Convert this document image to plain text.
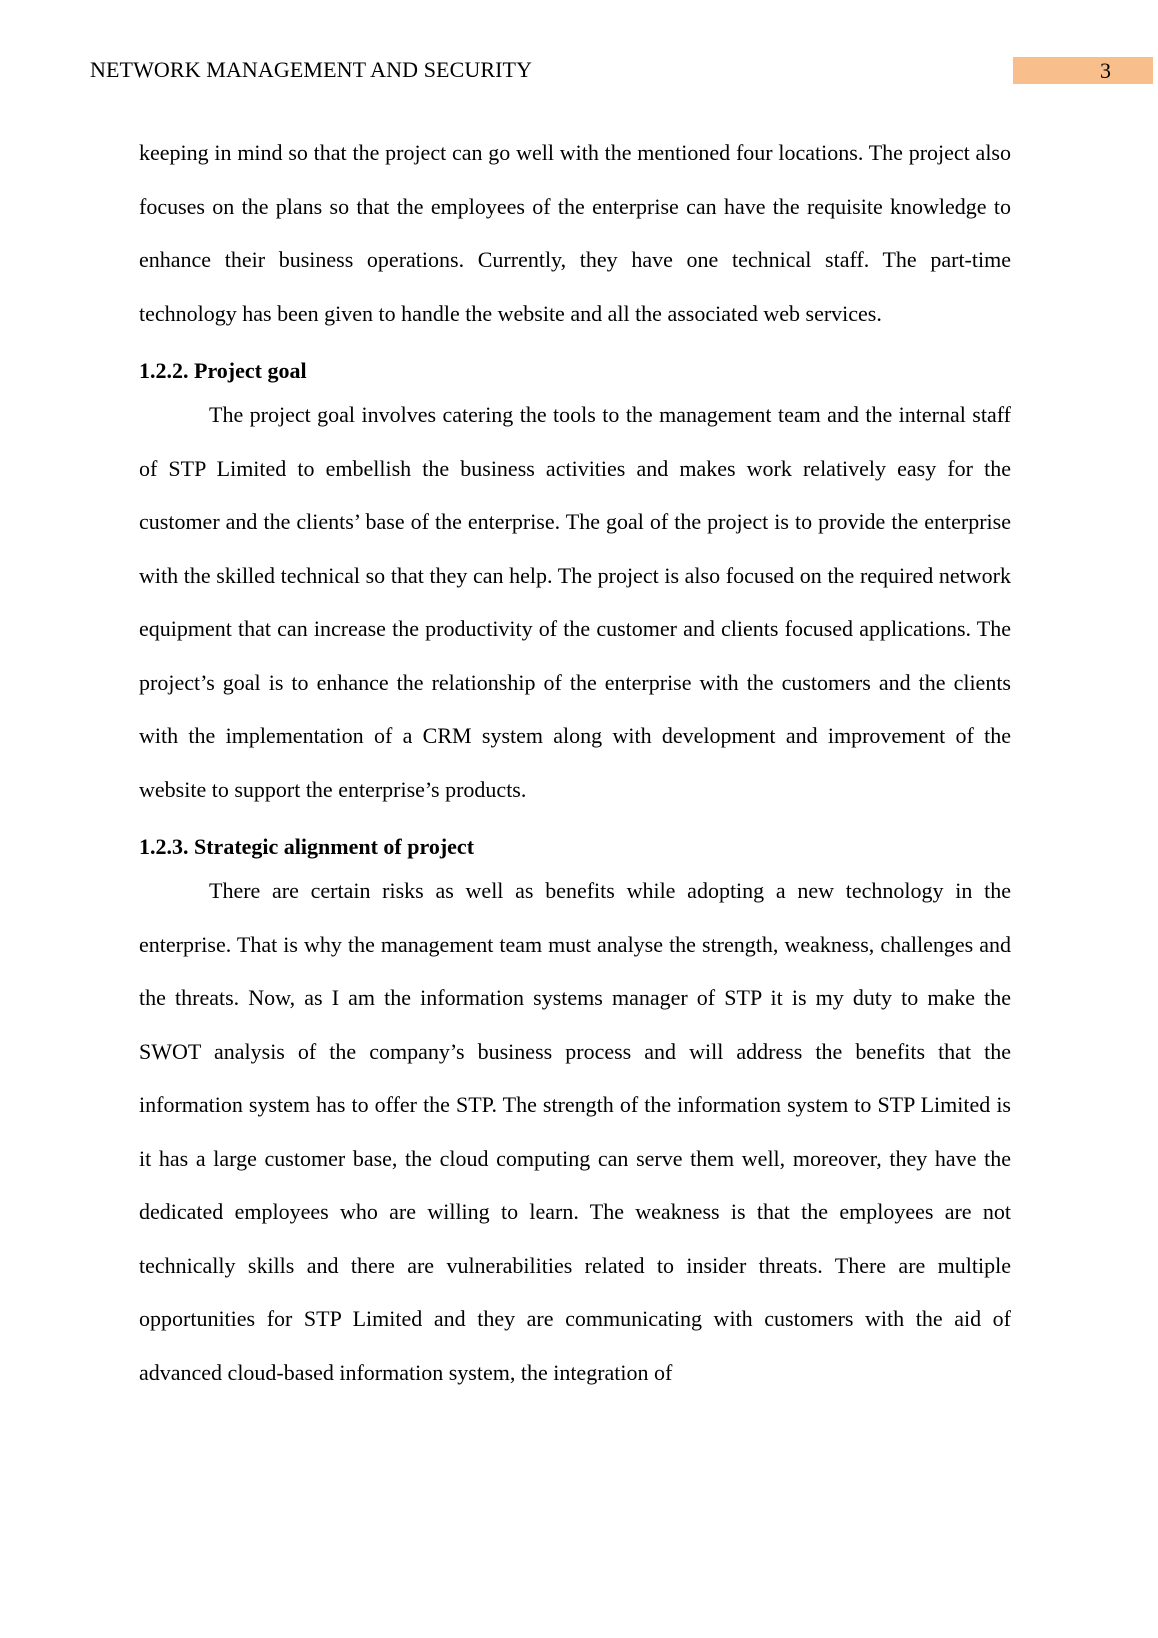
NETWORK MANAGEMENT AND SECURITY	3

keeping in mind so that the project can go well with the mentioned four locations. The project also focuses on the plans so that the employees of the enterprise can have the requisite knowledge to enhance their business operations. Currently, they have one technical staff. The part-time technology has been given to handle the website and all the associated web services.

1.2.2. Project goal

The project goal involves catering the tools to the management team and the internal staff of STP Limited to embellish the business activities and makes work relatively easy for the customer and the clients’ base of the enterprise. The goal of the project is to provide the enterprise with the skilled technical so that they can help. The project is also focused on the required network equipment that can increase the productivity of the customer and clients focused applications. The project’s goal is to enhance the relationship of the enterprise with the customers and the clients with the implementation of a CRM system along with development and improvement of the website to support the enterprise’s products.

1.2.3. Strategic alignment of project

There are certain risks as well as benefits while adopting a new technology in the enterprise. That is why the management team must analyse the strength, weakness, challenges and the threats. Now, as I am the information systems manager of STP it is my duty to make the SWOT analysis of the company’s business process and will address the benefits that the information system has to offer the STP. The strength of the information system to STP Limited is it has a large customer base, the cloud computing can serve them well, moreover, they have the dedicated employees who are willing to learn. The weakness is that the employees are not technically skills and there are vulnerabilities related to insider threats. There are multiple opportunities for STP Limited and they are communicating with customers with the aid of advanced cloud-based information system, the integration of
